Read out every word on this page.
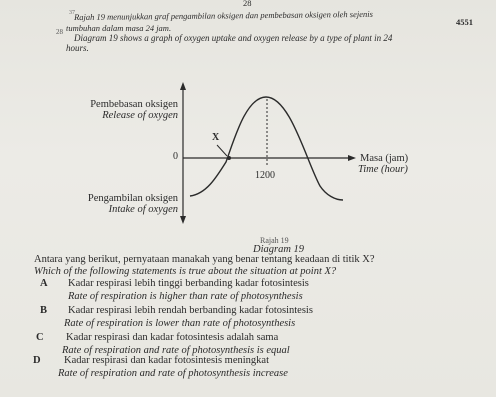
28
4551
28
37 Rajah 19 menunjukkan graf pengambilan oksigen dan pembebasan oksigen oleh sejenis
tumbuhan dalam masa 24 jam.
Diagram 19 shows a graph of oxygen uptake and oxygen release by a type of plant in 24
hours.
Pembebasan oksigen
Release of oxygen
Pengambilan oksigen
Intake of oxygen
Masa (jam)
Time (hour)
0
X
1200
Rajah 19
Diagram 19
Antara yang berikut, pernyataan manakah yang benar tentang keadaan di titik X?
Which of the following statements is true about the situation at point X?
A Kadar respirasi lebih tinggi berbanding kadar fotosintesis
Rate of respiration is higher than rate of photosynthesis
B Kadar respirasi lebih rendah berbanding kadar fotosintesis
Rate of respiration is lower than rate of photosynthesis
C Kadar respirasi dan kadar fotosintesis adalah sama
Rate of respiration and rate of photosynthesis is equal
D Kadar respirasi dan kadar fotosintesis meningkat
Rate of respiration and rate of photosynthesis increase
